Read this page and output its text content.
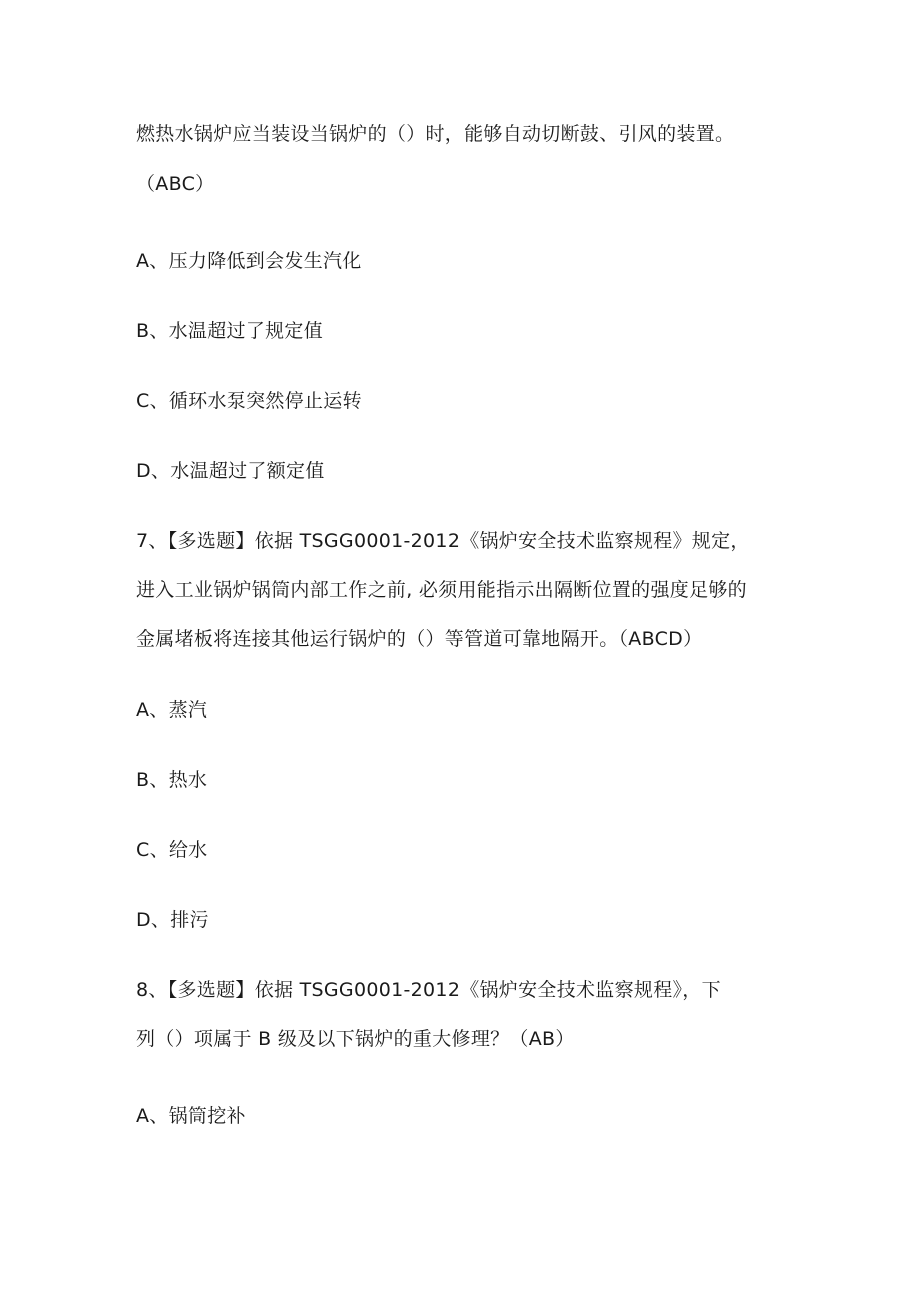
燃热水锅炉应当装设当锅炉的（）时，能够自动切断鼓、引风的装置。
（ABC）
A、压力降低到会发生汽化
B、水温超过了规定值
C、循环水泵突然停止运转
D、水温超过了额定值
7、【多选题】依据 TSGG0001-2012《锅炉安全技术监察规程》规定，
进入工业锅炉锅筒内部工作之前, 必须用能指示出隔断位置的强度足够的
金属堵板将连接其他运行锅炉的（）等管道可靠地隔开。（ABCD）
A、蒸汽
B、热水
C、给水
D、排污
8、【多选题】依据 TSGG0001-2012《锅炉安全技术监察规程》，下
列（）项属于 B 级及以下锅炉的重大修理？（AB）
A、锅筒挖补
